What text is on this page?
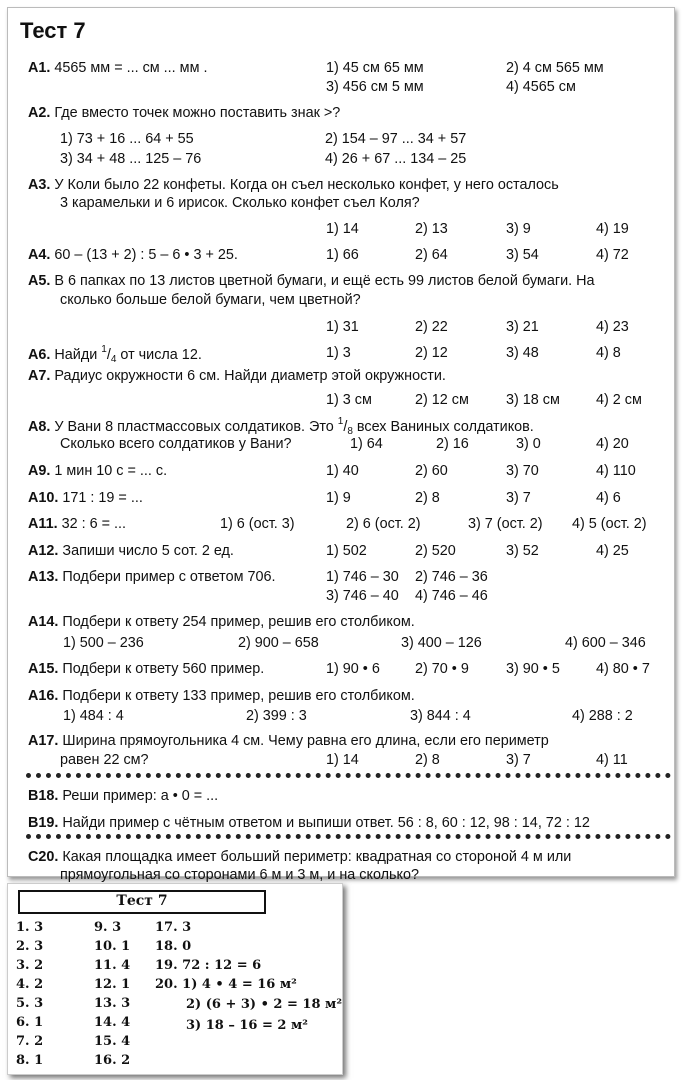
Тест 7
А1. 4565 мм = ... см ... мм .	1) 45 см 65 мм	2) 4 см 565 мм
3) 456 см 5 мм	4) 4565 см
А2. Где вместо точек можно поставить знак >?
1) 73 + 16 ... 64 + 55	2) 154 – 97 ... 34 + 57
3) 34 + 48 ... 125 – 76	4) 26 + 67 ... 134 – 25
А3. У Коли было 22 конфеты. Когда он съел несколько конфет, у него осталось
3 карамельки и 6 ирисок. Сколько конфет съел Коля?
1) 14	2) 13	3) 9	4) 19
А4. 60 – (13 + 2) : 5 – 6 • 3 + 25.	1) 66	2) 64	3) 54	4) 72
А5. В 6 папках по 13 листов цветной бумаги, и ещё есть 99 листов белой бумаги. На
сколько больше белой бумаги, чем цветной?
1) 31	2) 22	3) 21	4) 23
А6. Найди $^1/_4$ от числа 12.	1) 3	2) 12	3) 48	4) 8
А7. Радиус окружности 6 см. Найди диаметр этой окружности.
1) 3 см	2) 12 см	3) 18 см	4) 2 см
А8. У Вани 8 пластмассовых солдатиков. Это $^1/_8$ всех Ваниных солдатиков.
Сколько всего солдатиков у Вани?	1) 64	2) 16	3) 0	4) 20
А9. 1 мин 10 с = ... с.	1) 40	2) 60	3) 70	4) 110
А10. 171 : 19 = ...	1) 9	2) 8	3) 7	4) 6
А11. 32 : 6 = ...	1) 6 (ост. 3)	2) 6 (ост. 2)	3) 7 (ост. 2) 4) 5 (ост. 2)
А12. Запиши число 5 сот. 2 ед.	1) 502	2) 520	3) 52	4) 25
А13. Подбери пример с ответом 706.	1) 746 – 30 2) 746 – 36
3) 746 – 40 4) 746 – 46
А14. Подбери к ответу 254 пример, решив его столбиком.
1) 500 – 236	2) 900 – 658	3) 400 – 126	4) 600 – 346
А15. Подбери к ответу 560 пример.	1) 90 • 6 2) 70 • 9	3) 90 • 5	4) 80 • 7
А16. Подбери к ответу 133 пример, решив его столбиком.
1) 484 : 4	2) 399 : 3	3) 844 : 4	4) 288 : 2
А17. Ширина прямоугольника 4 см. Чему равна его длина, если его периметр
равен 22 см?	1) 14	2) 8	3) 7	4) 11
В18. Реши пример: а • 0 = ...
В19. Найди пример с чётным ответом и выпиши ответ. 56 : 8, 60 : 12, 98 : 14, 72 : 12
С20. Какая площадка имеет больший периметр: квадратная со стороной 4 м или
прямоугольная со сторонами 6 м и 3 м, и на сколько?
Тест 7
1. 3
2. 3
3. 2
4. 2
5. 3
6. 1
7. 2
8. 1
9. 3
10. 1
11. 4
12. 1
13. 3
14. 4
15. 4
16. 2
17. 3
18. 0
19. 72 : 12 = 6
20. 1) 4 • 4 = 16 м²
2) (6 + 3) • 2 = 18 м²
3) 18 – 16 = 2 м²
